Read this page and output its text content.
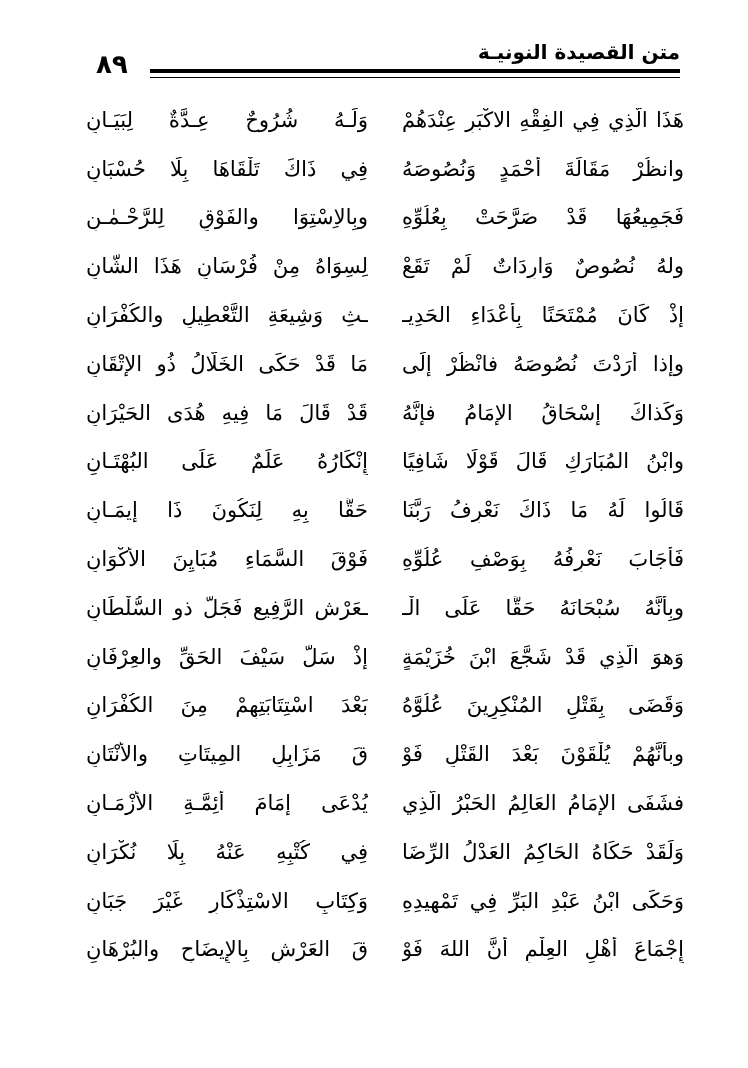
متن القصيدة النونيـة
٨٩
هَذَا الَّذِي فِي الفِقْهِ الاكْبَرِ عِنْدَهُمْ
وَلَـهُ شُرُوحٌ عِـدَّةٌ لِبَيَـانِ
وانظُرْ مَقَالَةَ أَحْمَدٍ وَنُصُوصَهُ
فِي ذَاكَ تَلْقَاهَا بِلَا حُسْبَانِ
فَجَمِيعُهَا قَدْ صَرَّحَتْ بِعُلُوِّهِ
وبِالاِسْتِوَا والفَوْقِ لِلرَّحْـمٰـنِ
ولهُ نُصُوصٌ وَارِدَاتٌ لَمْ تَقَعْ
لِسِوَاهُ مِنْ فُرْسَانِ هَذَا الشَّانِ
إِذْ كَانَ مُمْتَحَنًا بِأَعْدَاءِ الحَدِيـ
ـثِ وَشِيعَةِ التَّعْطِيلِ والكُفْرَانِ
وإذا أَرَدْتَ نُصُوصَهُ فانْظُرْ إِلَى
مَا قَدْ حَكَى الخَلَّالُ ذُو الإِتْقَانِ
وَكَذاكَ إِسْحَاقُ الإِمَامُ فإِنَّهُ
قَدْ قَالَ مَا فِيهِ هُدَى الحَيْرَانِ
وابْنُ المُبَارَكِ قَالَ قَوْلًا شَافِيًا
إِنْكَارُهُ عَلَمٌ عَلَى البُهْتَـانِ
قَالُوا لَهُ مَا ذَاكَ نَعْرِفُ رَبَّنَا
حَقًّا بِهِ لِنَكُونَ ذَا إِيمَـانِ
فَأَجَابَ نَعْرِفُهُ بِوَصْفِ عُلُوِّهِ
فَوْقَ السَّمَاءِ مُبَايِنَ الأَكْوَانِ
وبِأَنَّهُ سُبْحَانَهُ حَقًّا عَلَى الْـ
ـعَرْشِ الرَّفِيعِ فَجَلَّ ذو السُّلْطَانِ
وَهوَ الَّذِي قَدْ شَجَّعَ ابْنَ خُزَيْمَةٍ
إِذْ سَلَّ سَيْفَ الحَقِّ والعِرْفَانِ
وَقَضَى بِقَتْلِ المُنْكِرِينَ عُلُوَّهُ
بَعْدَ اسْتِتَابَتِهِمْ مِنَ الكُفْرَانِ
وبأَنَّهُمْ يُلْقَوْنَ بَعْدَ القَتْلِ فَوْ
قَ مَزَابِلِ المِيتَاتِ والأَنْتَانِ
فشَفَى الإِمَامُ العَالِمُ الحَبْرُ الَّذِي
يُدْعَى إِمَامَ أَئِمَّـةِ الأَزْمَـانِ
وَلَقَدْ حَكَاهُ الحَاكِمُ العَدْلُ الرِّضَا
فِي كُتْبِهِ عَنْهُ بِلَا نُكْرَانِ
وَحَكَى ابْنُ عَبْدِ البَرِّ فِي تَمْهِيدِهِ
وَكِتَابِ الاسْتِذْكَارِ غَيْرَ جَبَانِ
إِجْمَاعَ أَهْلِ العِلْمِ أَنَّ اللهَ فَوْ
قَ العَرْشِ بِالإِيضَاحِ والبُرْهَانِ
